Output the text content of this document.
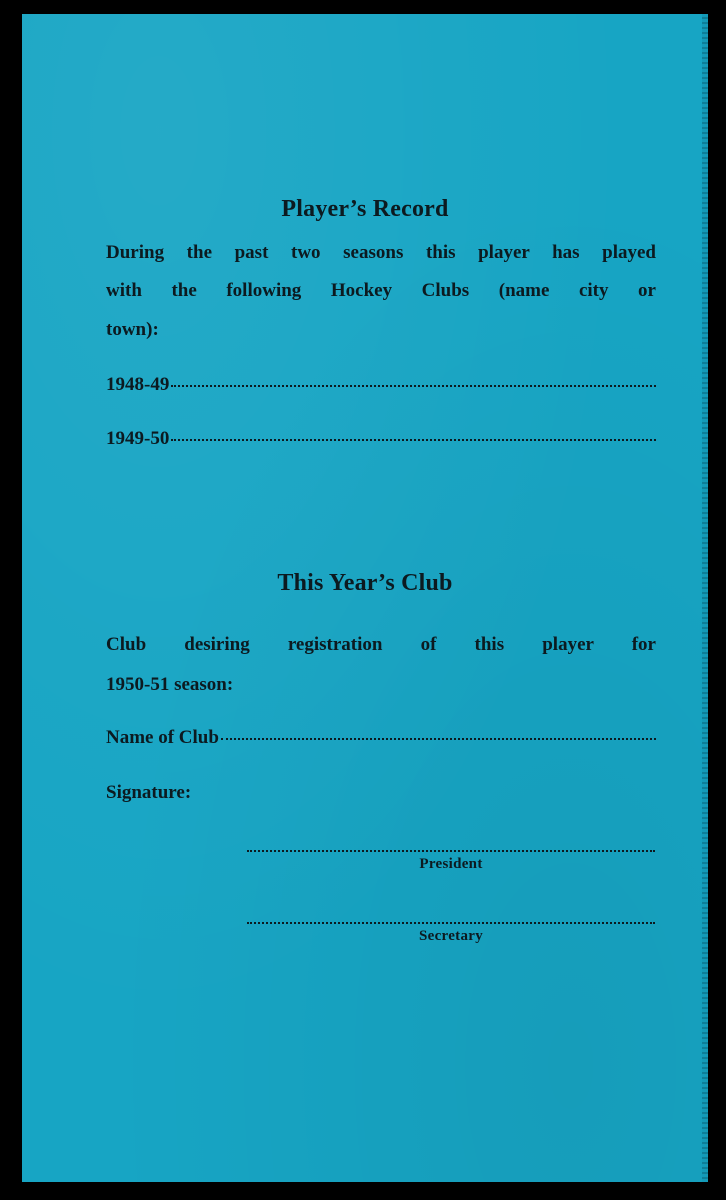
Player’s Record
During the past two seasons this player has played
with the following Hockey Clubs (name city or
town):
1948-49
1949-50
This Year’s Club
Club desiring registration of this player for
1950-51 season:
Name of Club
Signature:
President
Secretary
